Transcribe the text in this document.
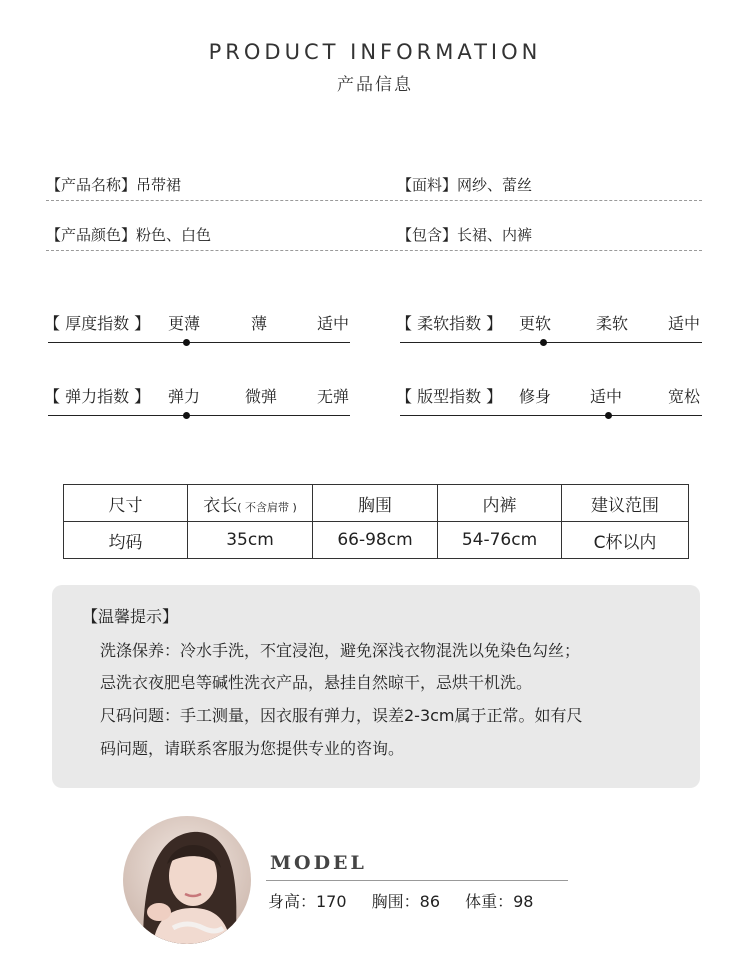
PRODUCT INFORMATION
产品信息
【产品名称】吊带裙	【面料】网纱、蕾丝
【产品颜色】粉色、白色	【包含】长裙、内裤
【 厚度指数 】 更薄	薄	适中	【 柔软指数 】 更软	柔软 适中
【 弹力指数 】 弹力	微弹 无弹	【 版型指数 】 修身 适中	宽松
尺寸	衣长( 不含肩带 )	胸围	内裤	建议范围
均码	35cm	66-98cm	54-76cm	C杯以内
【温馨提示】
洗涤保养：冷水手洗，不宜浸泡，避免深浅衣物混洗以免染色勾丝；
忌洗衣夜肥皂等碱性洗衣产品，悬挂自然晾干，忌烘干机洗。
尺码问题：手工测量，因衣服有弹力，误差2-3cm属于正常。如有尺
码问题，请联系客服为您提供专业的咨询。
MODEL
身高：170 胸围：86 体重：98
